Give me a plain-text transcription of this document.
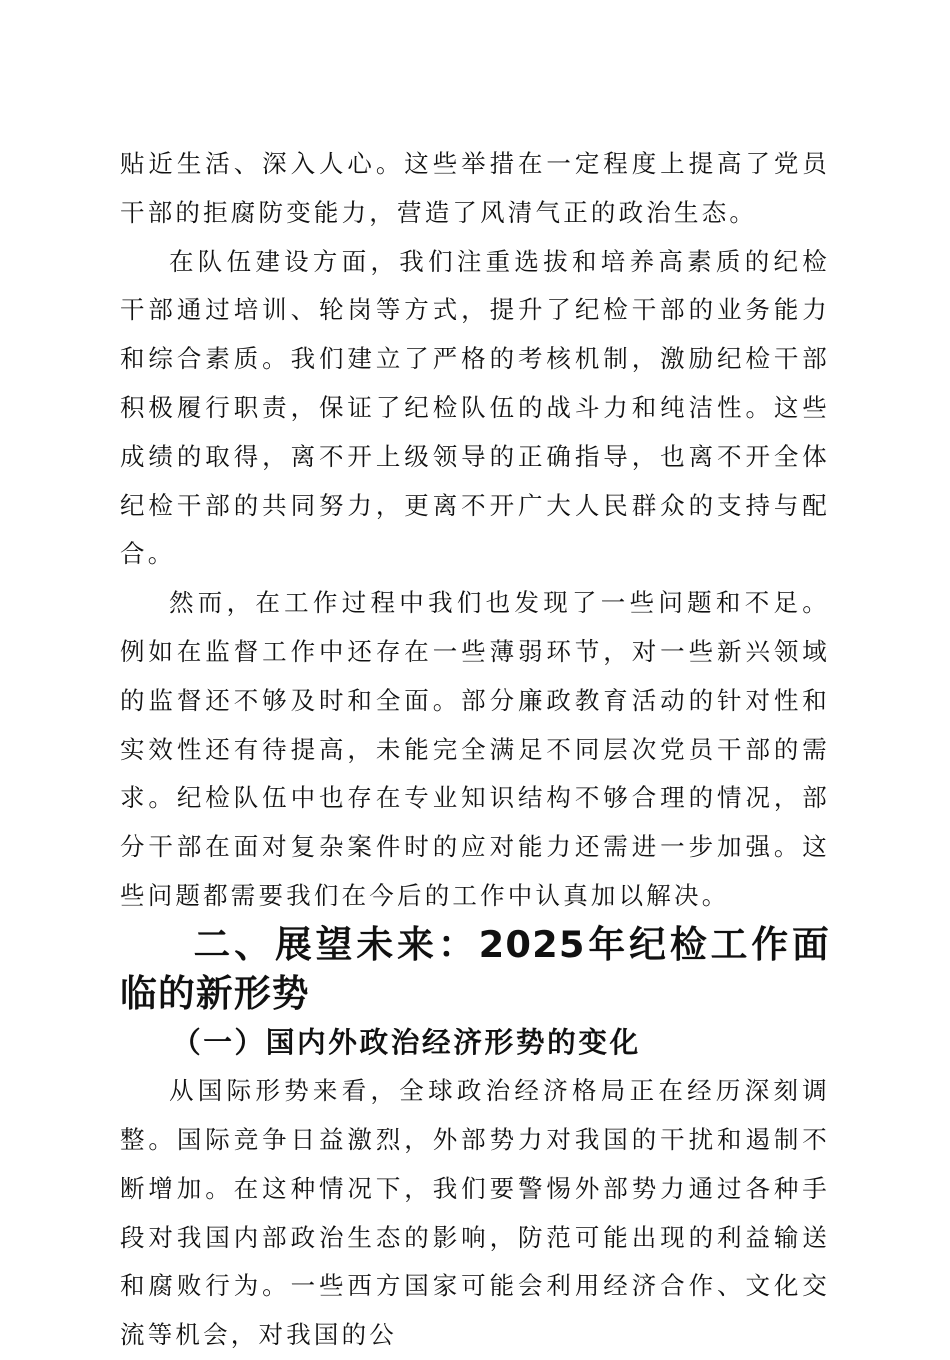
贴近生活、深入人心。这些举措在一定程度上提高了党员干部的拒腐防变能力，营造了风清气正的政治生态。

在队伍建设方面，我们注重选拔和培养高素质的纪检干部通过培训、轮岗等方式，提升了纪检干部的业务能力和综合素质。我们建立了严格的考核机制，激励纪检干部积极履行职责，保证了纪检队伍的战斗力和纯洁性。这些成绩的取得，离不开上级领导的正确指导，也离不开全体纪检干部的共同努力，更离不开广大人民群众的支持与配合。

然而，在工作过程中我们也发现了一些问题和不足。例如在监督工作中还存在一些薄弱环节，对一些新兴领域的监督还不够及时和全面。部分廉政教育活动的针对性和实效性还有待提高，未能完全满足不同层次党员干部的需求。纪检队伍中也存在专业知识结构不够合理的情况，部分干部在面对复杂案件时的应对能力还需进一步加强。这些问题都需要我们在今后的工作中认真加以解决。

二、展望未来：2025年纪检工作面临的新形势
（一）国内外政治经济形势的变化

从国际形势来看，全球政治经济格局正在经历深刻调整。国际竞争日益激烈，外部势力对我国的干扰和遏制不断增加。在这种情况下，我们要警惕外部势力通过各种手段对我国内部政治生态的影响，防范可能出现的利益输送和腐败行为。一些西方国家可能会利用经济合作、文化交流等机会，对我国的公
